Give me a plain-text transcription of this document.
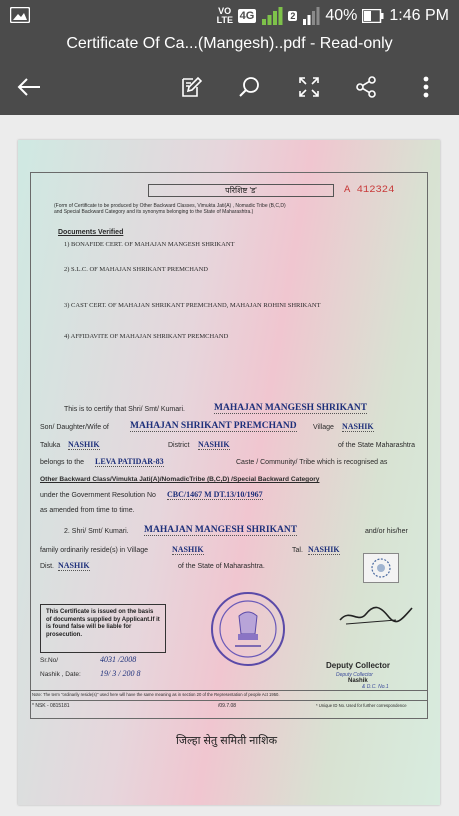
VO LTE 4G	2 40% 1:46 PM
Certificate Of Ca...(Mangesh)..pdf - Read-only
परिशिष्ट 'ड'	A 412324
(Form of Certificate to be produced by Other Backward Classes, Vimukta Jati(A) , Nomadic Tribe (B,C,D)
and Special Backward Category and its synonyms belonging to the State of Maharashtra.)
Documents Verified
1) BONAFIDE CERT. OF MAHAJAN MANGESH SHRIKANT
2) S.L.C. OF MAHAJAN SHRIKANT PREMCHAND
3) CAST CERT. OF MAHAJAN SHRIKANT PREMCHAND, MAHAJAN ROHINI SHRIKANT
4) AFFIDAVITE OF MAHAJAN SHRIKANT PREMCHAND
This is to certify that Shri/ Smt/ Kumari.	MAHAJAN MANGESH SHRIKANT
Son/ Daughter/Wife of MAHAJAN SHRIKANT PREMCHAND Village NASHIK
Taluka NASHIK	District NASHIK	of the State Maharashtra
belongs to the LEVA PATIDAR-83	Caste / Community/ Tribe which is recognised as
Other Backward Class/Vimukta Jati(A)/NomadicTribe (B,C,D) /Special Backward Category
under the Government Resolution No CBC/1467 M DT.13/10/1967
as amended from time to time.
2. Shri/ Smt/ Kumari. MAHAJAN MANGESH SHRIKANT	and/or his/her
family ordinarily reside(s) in Village	NASHIK	Tal. NASHIK
Dist. NASHIK	of the State of Maharashtra.
This Certificate is issued on the basis of documents supplied by Applicant.If it is found false will be liable for prosecution.
Sr.No/	4031 /2008
Nashik , Date: 19/ 3 / 200 8
Deputy Collector
Deputy Collector
Nashik
& D.C. No.1
Note: The term "ordinarily reside(s)" used here will have the same meaning as in section 20 of the Representation of people Act 1950.
* NSK - 0815181	/09.7.08	* Unique ID No. Used for further correspondence
जिल्हा सेतु समिती नाशिक
